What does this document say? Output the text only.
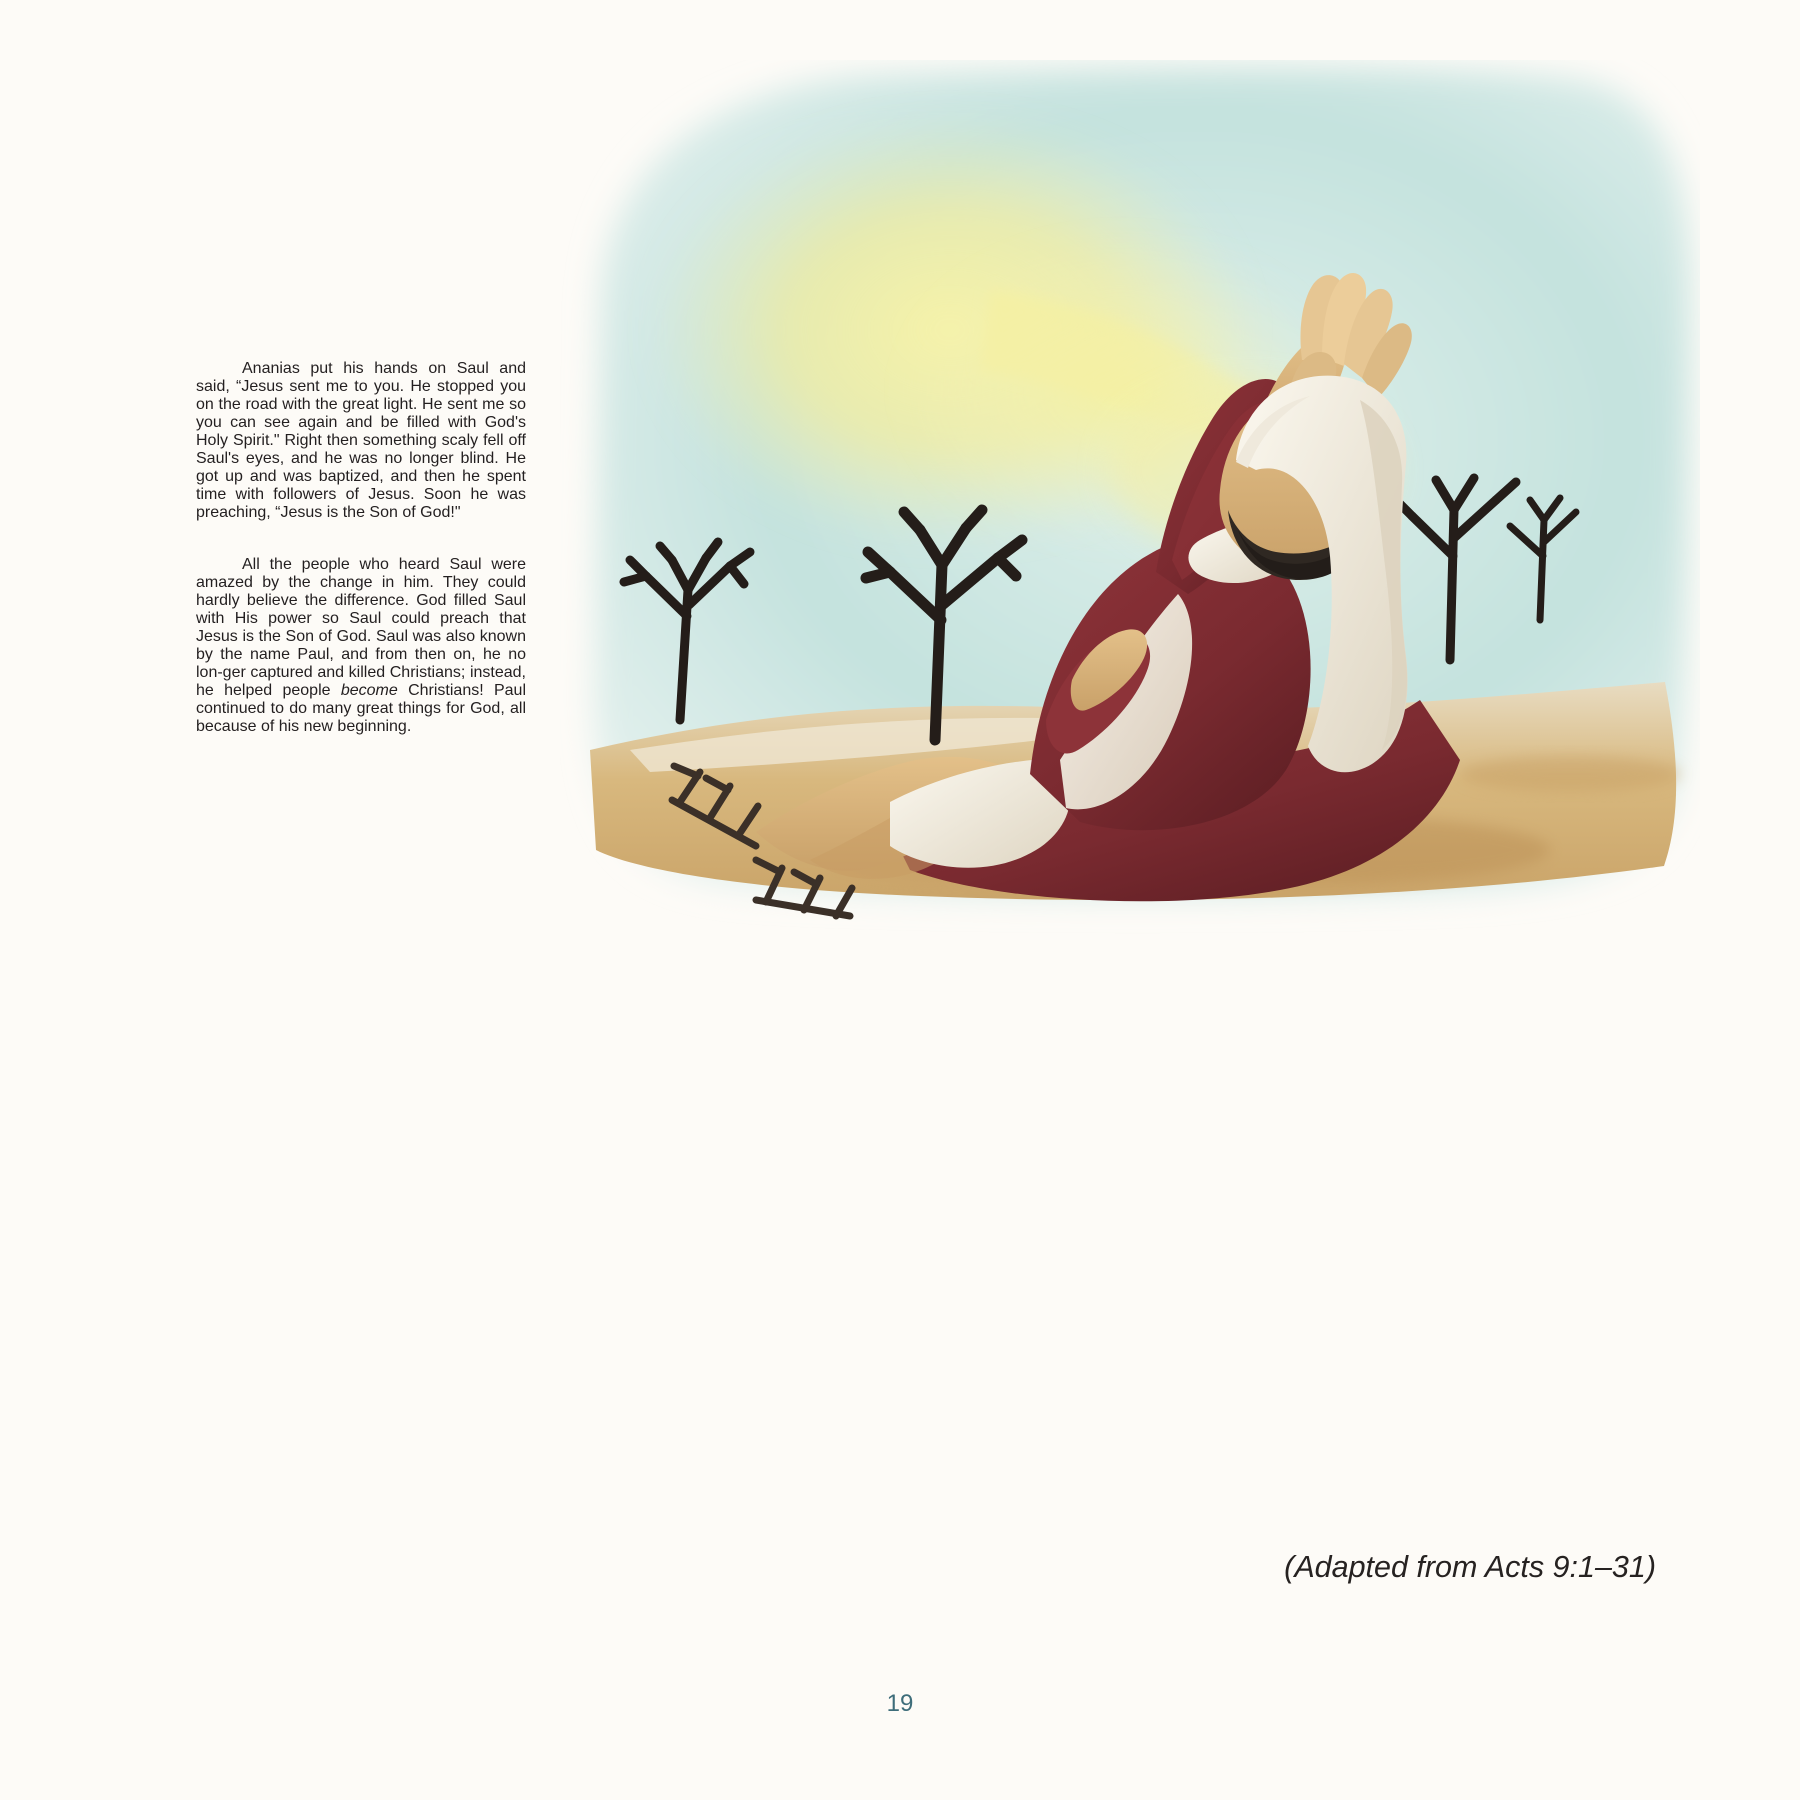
Ananias put his hands on Saul and said, “Jesus sent me to you. He stopped you on the road with the great light. He sent me so you can see again and be filled with God's Holy Spirit." Right then something scaly fell off Saul's eyes, and he was no longer blind. He got up and was baptized, and then he spent time with followers of Jesus. Soon he was preaching, “Jesus is the Son of God!"

All the people who heard Saul were amazed by the change in him. They could hardly believe the difference. God filled Saul with His power so Saul could preach that Jesus is the Son of God. Saul was also known by the name Paul, and from then on, he no lon-ger captured and killed Christians; instead, he helped people become Christians! Paul continued to do many great things for God, all because of his new beginning.

(Adapted from Acts 9:1–31)
19
